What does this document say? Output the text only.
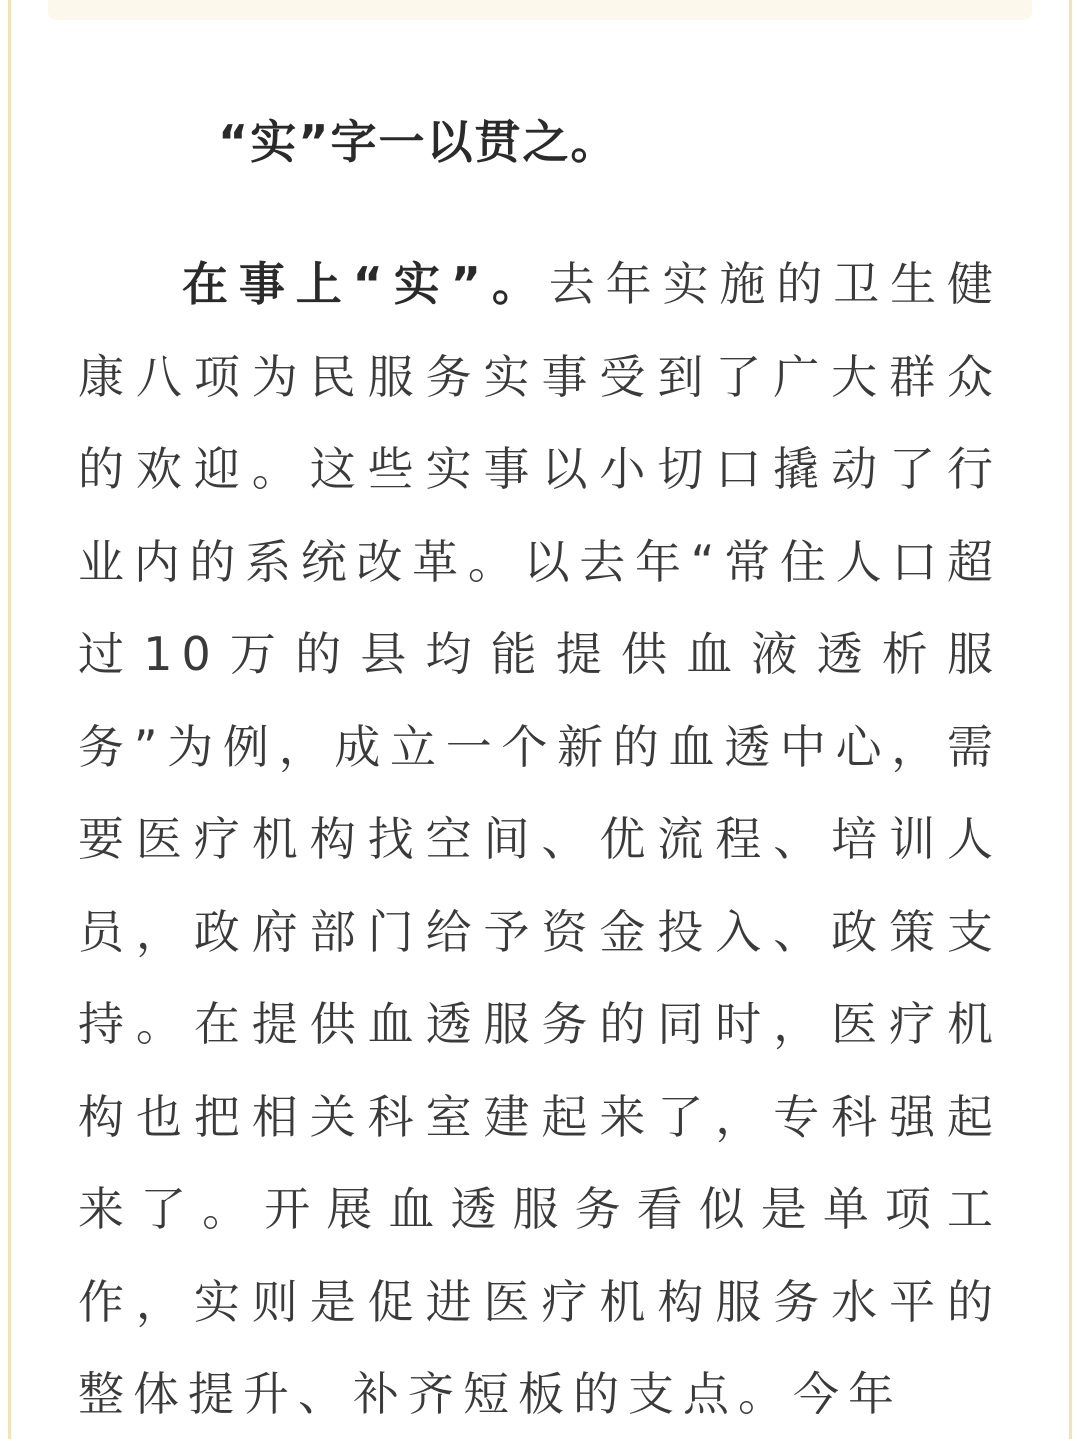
“实”字一以贯之。

在事上“实”。去年实施的卫生健康八项为民服务实事受到了广大群众的欢迎。这些实事以小切口撬动了行业内的系统改革。以去年“常住人口超过10万的县均能提供血液透析服务”为例，成立一个新的血透中心，需要医疗机构找空间、优流程、培训人员，政府部门给予资金投入、政策支持。在提供血透服务的同时，医疗机构也把相关科室建起来了，专科强起来了。开展血透服务看似是单项工作，实则是促进医疗机构服务水平的整体提升、补齐短板的支点。今年
